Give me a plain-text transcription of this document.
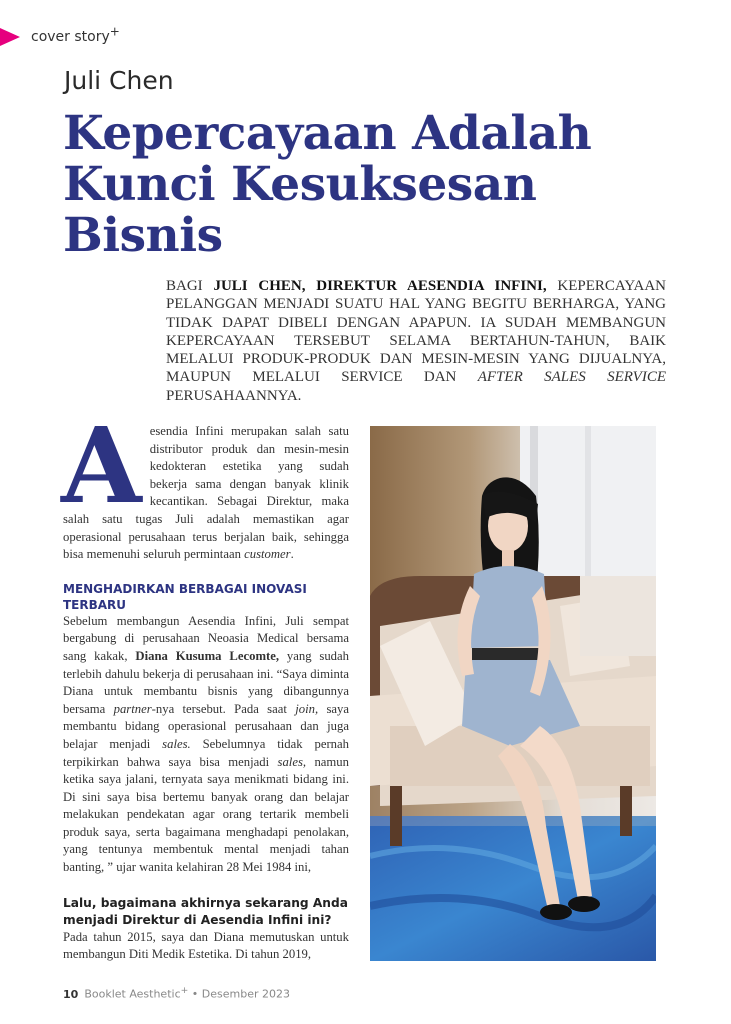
cover story+
Juli Chen
Kepercayaan Adalah
Kunci Kesuksesan
Bisnis

BAGI JULI CHEN, DIREKTUR AESENDIA INFINI, KEPERCAYAAN PELANGGAN MENJADI SUATU HAL YANG BEGITU BERHARGA, YANG TIDAK DAPAT DIBELI DENGAN APAPUN. IA SUDAH MEMBANGUN KEPERCAYAAN TERSEBUT SELAMA BERTAHUN-TAHUN, BAIK MELALUI PRODUK-PRODUK DAN MESIN-MESIN YANG DIJUALNYA, MAUPUN MELALUI SERVICE DAN AFTER SALES SERVICE PERUSAHAANNYA.

Aesendia Infini merupakan salah satu distributor produk dan mesin-mesin kedokteran estetika yang sudah bekerja sama dengan banyak klinik kecantikan. Sebagai Direktur, maka salah satu tugas Juli adalah memastikan agar operasional perusahaan terus berjalan baik, sehingga bisa memenuhi seluruh permintaan customer.

MENGHADIRKAN BERBAGAI INOVASI TERBARU

Sebelum membangun Aesendia Infini, Juli sempat bergabung di perusahaan Neoasia Medical bersama sang kakak, Diana Kusuma Lecomte, yang sudah terlebih dahulu bekerja di perusahaan ini. “Saya diminta Diana untuk membantu bisnis yang dibangunnya bersama partner-nya tersebut. Pada saat join, saya membantu bidang operasional perusahaan dan juga belajar menjadi sales. Sebelumnya tidak pernah terpikirkan bahwa saya bisa menjadi sales, namun ketika saya jalani, ternyata saya menikmati bidang ini. Di sini saya bisa bertemu banyak orang dan belajar melakukan pendekatan agar orang tertarik membeli produk saya, serta bagaimana menghadapi penolakan, yang tentunya membentuk mental menjadi tahan banting, ” ujar wanita kelahiran 28 Mei 1984 ini,

Lalu, bagaimana akhirnya sekarang Anda menjadi Direktur di Aesendia Infini ini?

Pada tahun 2015, saya dan Diana memutuskan untuk membangun Diti Medik Estetika. Di tahun 2019,

10 Booklet Aesthetic+ • Desember 2023
